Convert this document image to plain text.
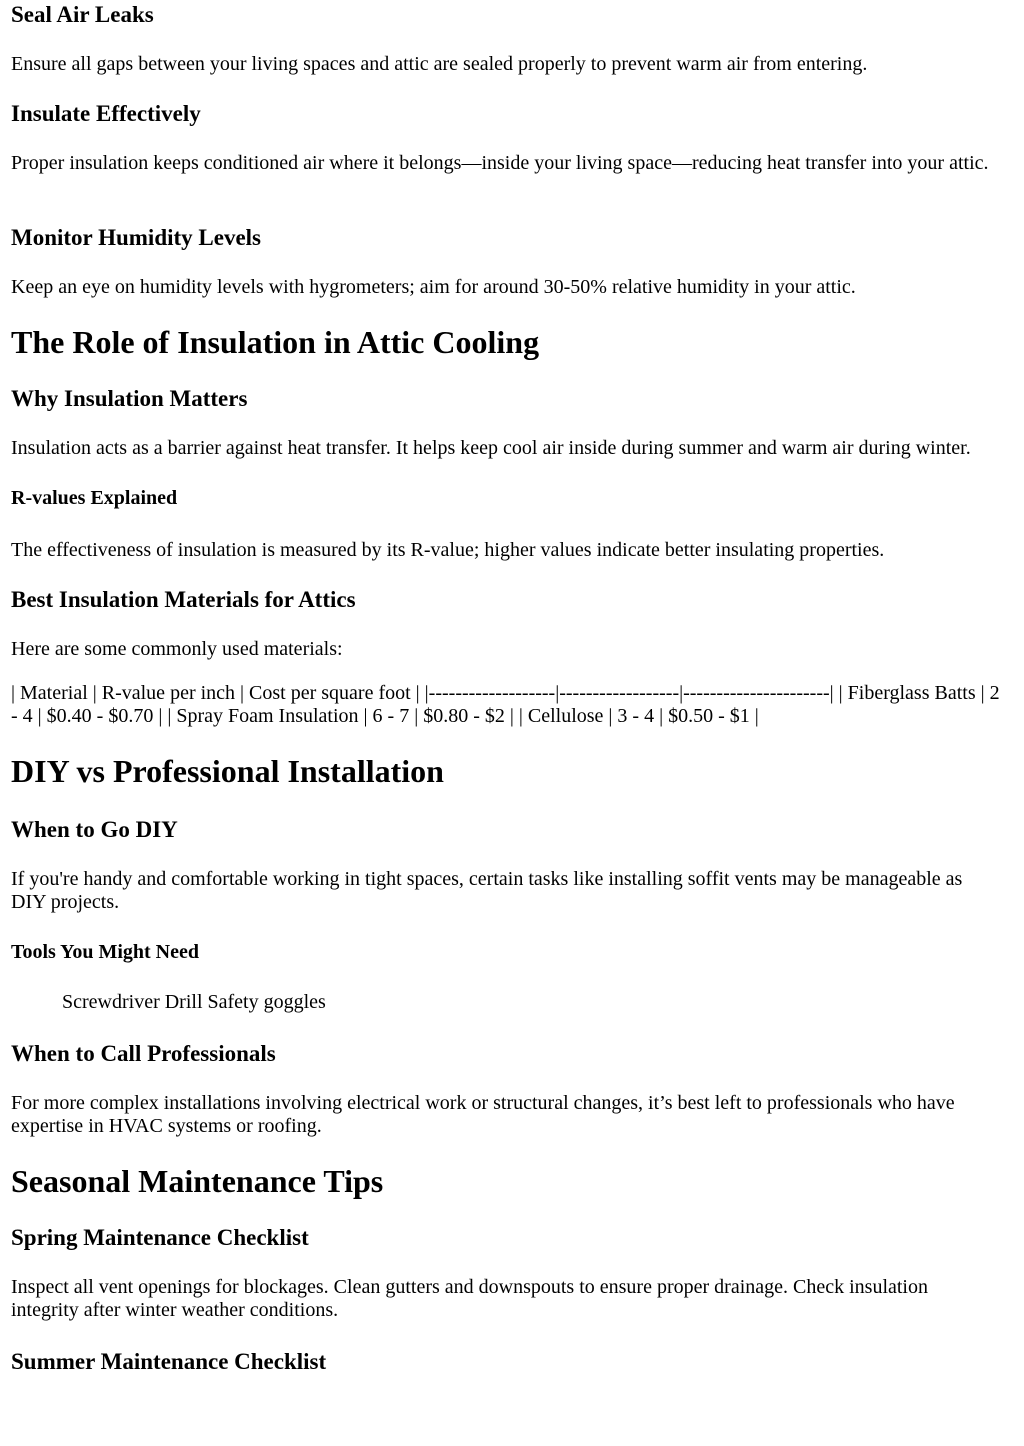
Seal Air Leaks

Ensure all gaps between your living spaces and attic are sealed properly to prevent warm air from entering.

Insulate Effectively

Proper insulation keeps conditioned air where it belongs—inside your living space—reducing heat transfer into your attic.

Monitor Humidity Levels

Keep an eye on humidity levels with hygrometers; aim for around 30-50% relative humidity in your attic.

The Role of Insulation in Attic Cooling
Why Insulation Matters

Insulation acts as a barrier against heat transfer. It helps keep cool air inside during summer and warm air during winter.

R-values Explained

The effectiveness of insulation is measured by its R-value; higher values indicate better insulating properties.

Best Insulation Materials for Attics

Here are some commonly used materials:

| Material | R-value per inch | Cost per square foot | |-------------------|------------------|----------------------| | Fiberglass Batts | 2 - 4 | $0.40 - $0.70 | | Spray Foam Insulation | 6 - 7 | $0.80 - $2 | | Cellulose | 3 - 4 | $0.50 - $1 |

DIY vs Professional Installation
When to Go DIY

If you're handy and comfortable working in tight spaces, certain tasks like installing soffit vents may be manageable as DIY projects.

Tools You Might Need
Screwdriver Drill Safety goggles
When to Call Professionals

For more complex installations involving electrical work or structural changes, it’s best left to professionals who have expertise in HVAC systems or roofing.

Seasonal Maintenance Tips
Spring Maintenance Checklist

Inspect all vent openings for blockages. Clean gutters and downspouts to ensure proper drainage. Check insulation integrity after winter weather conditions.

Summer Maintenance Checklist
